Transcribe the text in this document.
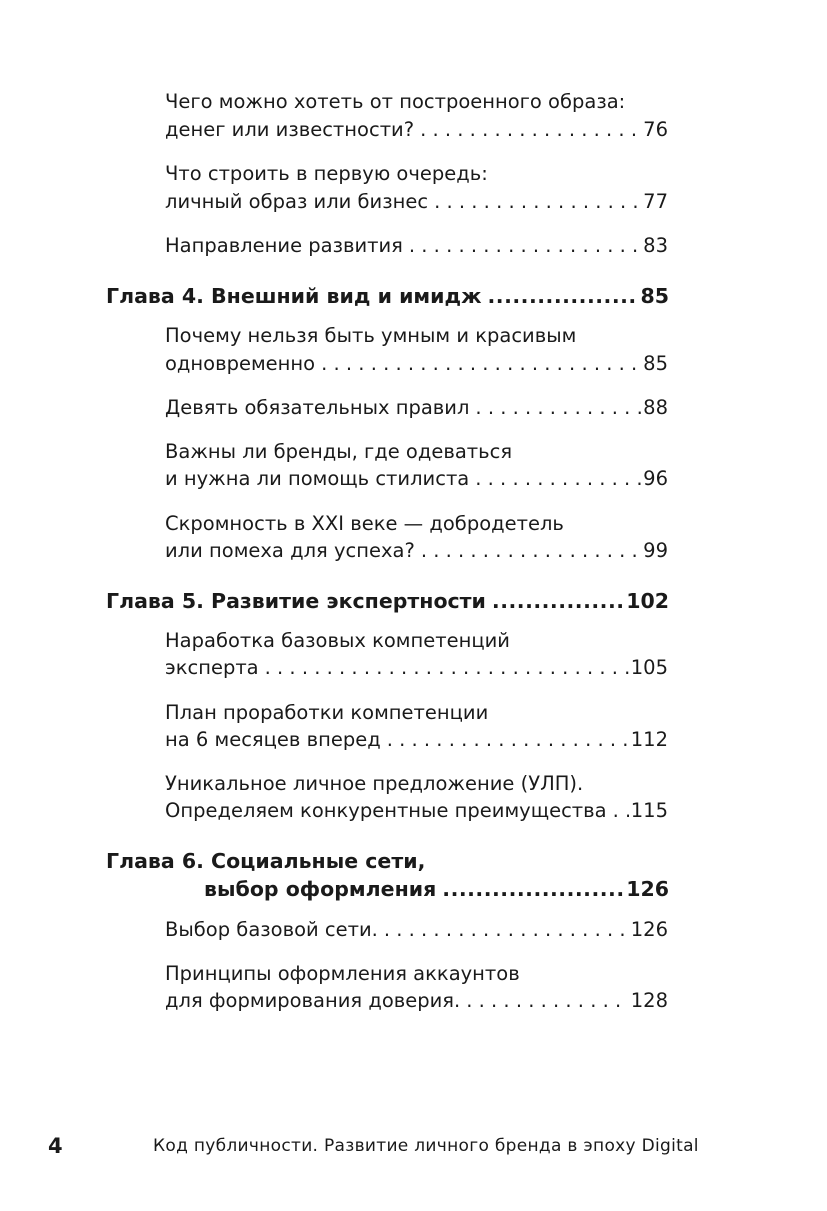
Чего можно хотеть от построенного образа:
денег или известности? . . .	76
Что строить в первую очередь:
личный образ или бизнес . . .	77
Направление развития . . .	83
Глава 4. Внешний вид и имидж .....	85
Почему нельзя быть умным и красивым
одновременно . . .	85
Девять обязательных правил . . .	88
Важны ли бренды, где одеваться
и нужна ли помощь стилиста . . .	96
Скромность в XXI веке — добродетель
или помеха для успеха? . . .	99
Глава 5. Развитие экспертности .....	102
Наработка базовых компетенций
эксперта . . .	105
План проработки компетенции
на 6 месяцев вперед . . .	112
Уникальное личное предложение (УЛП).
Определяем конкурентные преимущества . . . 115
Глава 6. Социальные сети,
выбор оформления .....	126
Выбор базовой сети. . . .	126
Принципы оформления аккаунтов
для формирования доверия. . . .	128
4	Код публичности. Развитие личного бренда в эпоху Digital
